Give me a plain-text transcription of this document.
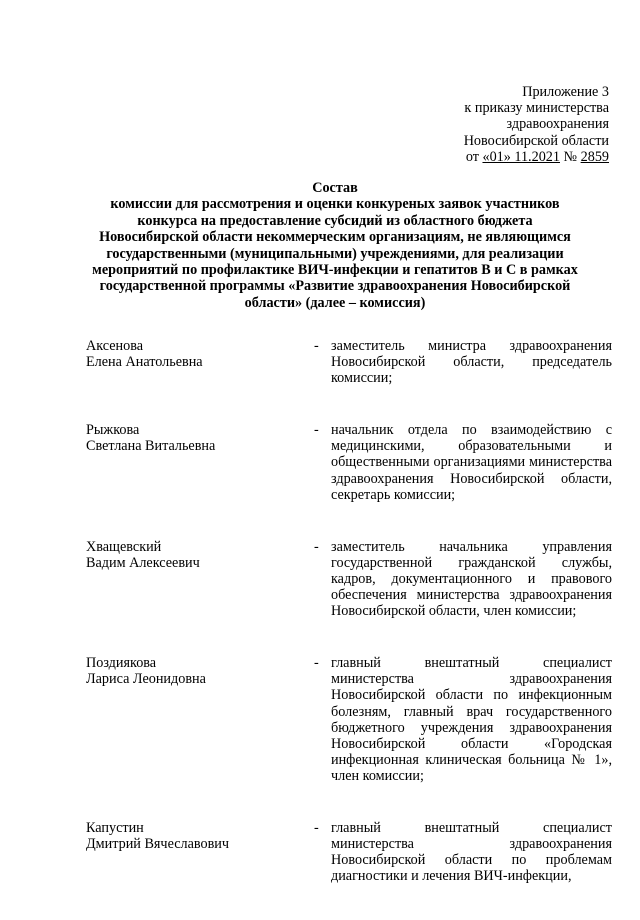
Приложение 3
к приказу министерства
здравоохранения
Новосибирской области
от «01» 11.2021 № 2859
Состав
комиссии для рассмотрения и оценки конкуреных заявок участников
конкурса на предоставление субсидий из областного бюджета
Новосибирской области некоммерческим организациям, не являющимся
государственными (муниципальными) учреждениями, для реализации
мероприятий по профилактике ВИЧ-инфекции и гепатитов В и С в рамках
государственной программы «Развитие здравоохранения Новосибирской
области» (далее – комиссия)
Аксенова
Елена Анатольевна
- заместитель министра здравоохранения Новосибирской области, председатель комиссии;
Рыжкова
Светлана Витальевна
- начальник отдела по взаимодействию с медицинскими, образовательными и общественными организациями министерства здравоохранения Новосибирской области, секретарь комиссии;
Хващевский
Вадим Алексеевич
- заместитель начальника управления государственной гражданской службы, кадров, документационного и правового обеспечения министерства здравоохранения Новосибирской области, член комиссии;
Поздиякова
Лариса Леонидовна
- главный внештатный специалист министерства здравоохранения Новосибирской области по инфекционным болезням, главный врач государственного бюджетного учреждения здравоохранения Новосибирской области «Городская инфекционная клиническая больница № 1», член комиссии;
Капустин
Дмитрий Вячеславович
- главный внештатный специалист министерства здравоохранения Новосибирской области по проблемам диагностики и лечения ВИЧ-инфекции,
